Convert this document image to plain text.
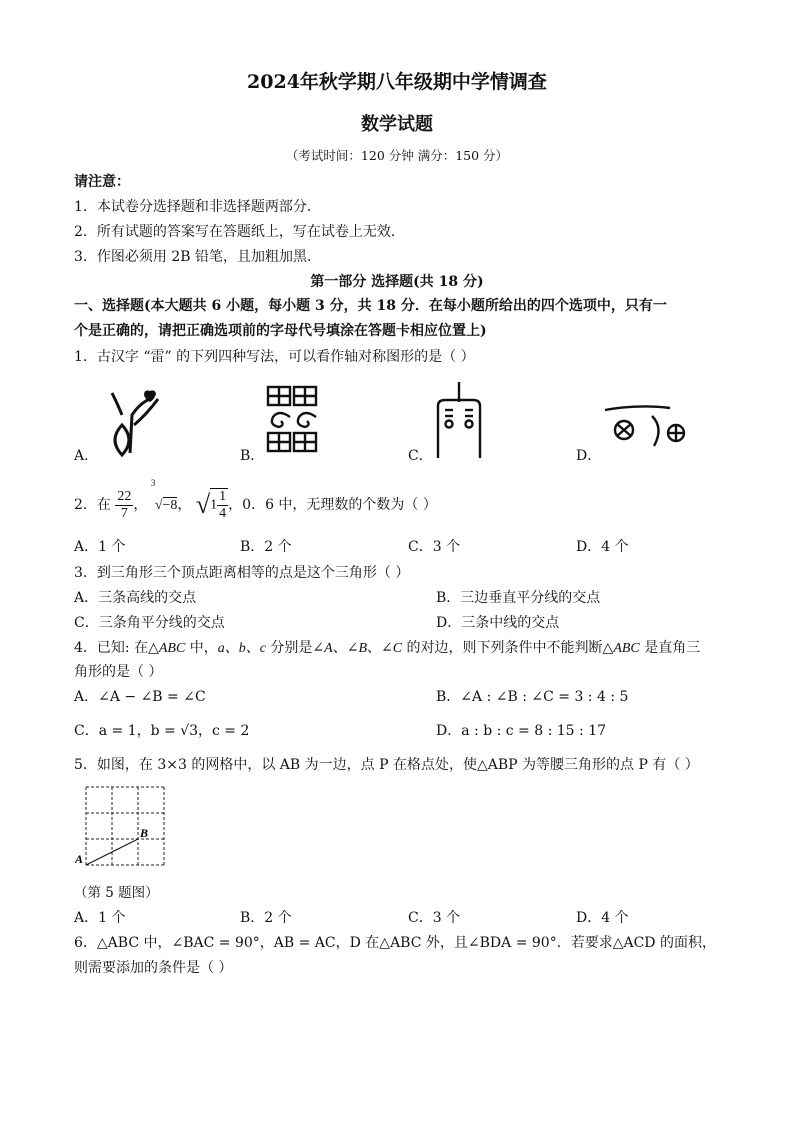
2024年秋学期八年级期中学情调查
数学试题
（考试时间：120 分钟 满分：150 分）
请注意：
1．本试卷分选择题和非选择题两部分．
2．所有试题的答案写在答题纸上，写在试卷上无效．
3．作图必须用 2B 铅笔，且加粗加黑．
第一部分 选择题(共 18 分)
一、选择题(本大题共 6 小题，每小题 3 分，共 18 分．在每小题所给出的四个选项中，只有一
个是正确的，请把正确选项前的字母代号填涂在答题卡相应位置上)
1．古汉字 “雷” 的下列四种写法，可以看作轴对称图形的是（ ）
A．	B．	C．	D．
2．在 $\frac{22}{7}$ ，
3
√−8， $√1 \frac{1}{4}$ ，0．6 中，无理数的个数为（ ）
A．1 个	B．2 个	C．3 个	D．4 个
3．到三角形三个顶点距离相等的点是这个三角形（ ）
A．三条高线的交点	B．三边垂直平分线的交点
C．三条角平分线的交点	D．三条中线的交点
4．已知: 在△ABC 中，a、b、c 分别是∠A、∠B、∠C 的对边，则下列条件中不能判断△ABC 是直角三
角形的是（ ）
A．∠A − ∠B = ∠C	B．∠A : ∠B : ∠C = 3 : 4 : 5
C．a = 1，b = √3，c = 2	D．a : b : c = 8 : 15 : 17
5．如图，在 3×3 的网格中，以 AB 为一边，点 P 在格点处，使△ABP 为等腰三角形的点 P 有（ ）
A
B
（第 5 题图）
A．1 个	B．2 个	C．3 个	D．4 个
6．△ABC 中，∠BAC = 90°，AB = AC，D 在△ABC 外，且∠BDA = 90°．若要求△ACD 的面积，
则需要添加的条件是（ ）
